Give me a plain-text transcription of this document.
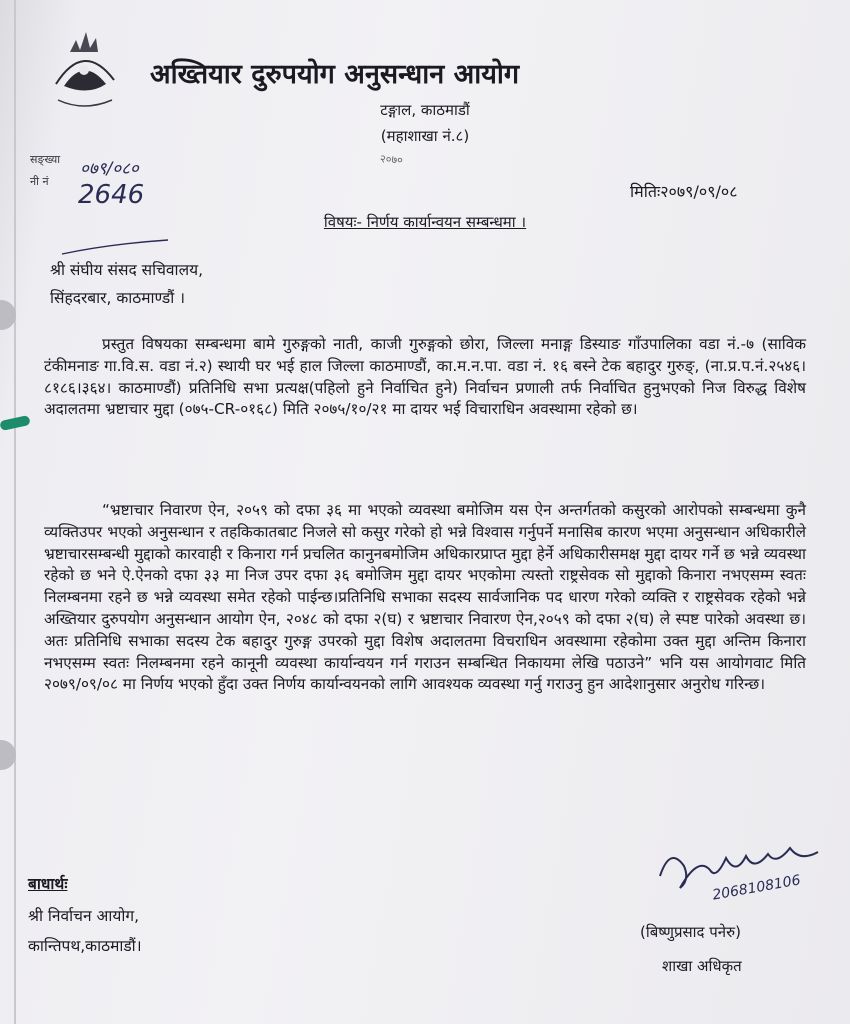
अख्तियार दुरुपयोग अनुसन्धान आयोग
टङ्गाल, काठमाडौं
(महाशाखा नं.८)
२०७०
सङ्ख्या
नी नं
०७९/०८०
2646	मितिः२०७९/०९/०८
विषयः- निर्णय कार्यान्वयन सम्बन्धमा ।
श्री संघीय संसद सचिवालय,
सिंहदरबार, काठमाण्डौं ।
प्रस्तुत विषयका सम्बन्धमा बामे गुरुङ्गको नाती, काजी गुरुङ्गको छोरा, जिल्ला मनाङ्ग डिस्याङ गाँउपालिका वडा नं.-७ (साविक टंकीमनाङ गा.वि.स. वडा नं.२) स्थायी घर भई हाल जिल्ला काठमाण्डौं, का.म.न.पा. वडा नं. १६ बस्ने टेक बहादुर गुरुङ्, (ना.प्र.प.नं.२५४६।८१८६।३६४। काठमाण्डौं) प्रतिनिधि सभा प्रत्यक्ष(पहिलो हुने निर्वाचित हुने) निर्वाचन प्रणाली तर्फ निर्वाचित हुनुभएको निज विरुद्ध विशेष अदालतमा भ्रष्टाचार मुद्दा (०७५-CR-०१६८) मिति २०७५/१०/२१ मा दायर भई विचाराधिन अवस्थामा रहेको छ।
“भ्रष्टाचार निवारण ऐन, २०५९ को दफा ३६ मा भएको व्यवस्था बमोजिम यस ऐन अन्तर्गतको कसुरको आरोपको सम्बन्धमा कुनै व्यक्तिउपर भएको अनुसन्धान र तहकिकातबाट निजले सो कसुर गरेको हो भन्ने विश्वास गर्नुपर्ने मनासिब कारण भएमा अनुसन्धान अधिकारीले भ्रष्टाचारसम्बन्धी मुद्दाको कारवाही र किनारा गर्न प्रचलित कानुनबमोजिम अधिकारप्राप्त मुद्दा हेर्ने अधिकारीसमक्ष मुद्दा दायर गर्ने छ भन्ने व्यवस्था रहेको छ भने ऐ.ऐनको दफा ३३ मा निज उपर दफा ३६ बमोजिम मुद्दा दायर भएकोमा त्यस्तो राष्ट्रसेवक सो मुद्दाको किनारा नभएसम्म स्वतः निलम्बनमा रहने छ भन्ने व्यवस्था समेत रहेको पाईन्छ।प्रतिनिधि सभाका सदस्य सार्वजानिक पद धारण गरेको व्यक्ति र राष्ट्रसेवक रहेको भन्ने अख्तियार दुरुपयोग अनुसन्धान आयोग ऐन, २०४८ को दफा २(घ) र भ्रष्टाचार निवारण ऐन,२०५९ को दफा २(घ) ले स्पष्ट पारेको अवस्था छ।अतः प्रतिनिधि सभाका सदस्य टेक बहादुर गुरुङ्ग उपरको मुद्दा विशेष अदालतमा विचराधिन अवस्थामा रहेकोमा उक्त मुद्दा अन्तिम किनारा नभएसम्म स्वतः निलम्बनमा रहने कानूनी व्यवस्था कार्यान्वयन गर्न गराउन सम्बन्धित निकायमा लेखि पठाउने” भनि यस आयोगवाट मिति २०७९/०९/०८ मा निर्णय भएको हुँदा उक्त निर्णय कार्यान्वयनको लागि आवश्यक व्यवस्था गर्नु गराउनु हुन आदेशानुसार अनुरोध गरिन्छ।
बाधार्थः
श्री निर्वाचन आयोग,
कान्तिपथ,काठमाडौं।
2068108106
(बिष्णुप्रसाद पनेरु)
शाखा अधिकृत
